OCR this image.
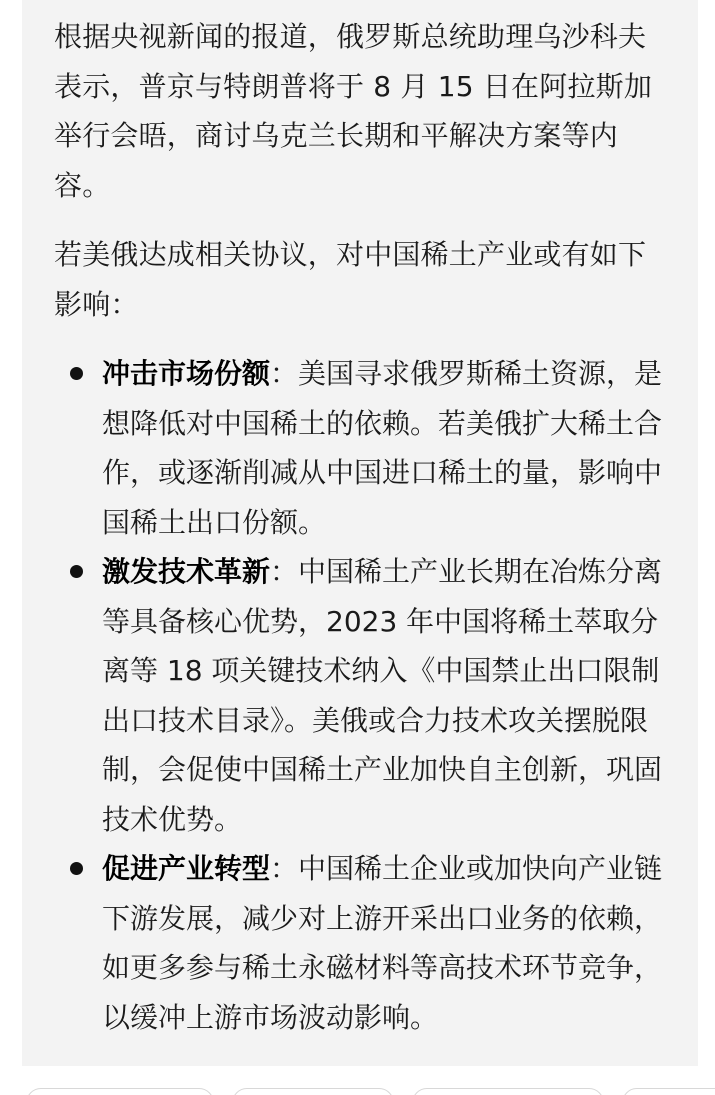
根据央视新闻的报道，俄罗斯总统助理乌沙科夫表示，普京与特朗普将于 8 月 15 日在阿拉斯加举行会晤，商讨乌克兰长期和平解决方案等内容。

若美俄达成相关协议，对中国稀土产业或有如下影响：

冲击市场份额：美国寻求俄罗斯稀土资源，是想降低对中国稀土的依赖。若美俄扩大稀土合作，或逐渐削减从中国进口稀土的量，影响中国稀土出口份额。
激发技术革新：中国稀土产业长期在冶炼分离等具备核心优势，2023 年中国将稀土萃取分离等 18 项关键技术纳入《中国禁止出口限制出口技术目录》。美俄或合力技术攻关摆脱限制，会促使中国稀土产业加快自主创新，巩固技术优势。
促进产业转型：中国稀土企业或加快向产业链下游发展，减少对上游开采出口业务的依赖，如更多参与稀土永磁材料等高技术环节竞争，以缓冲上游市场波动影响。
